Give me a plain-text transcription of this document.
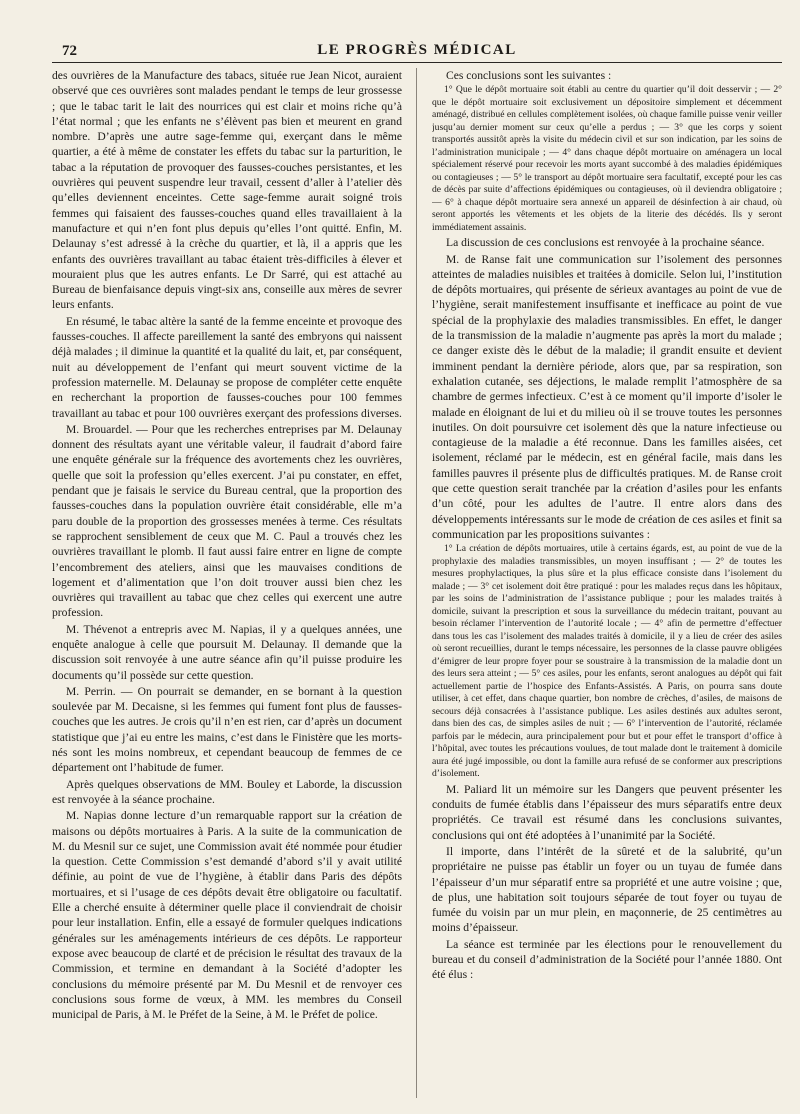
72	LE PROGRÈS MÉDICAL

des ouvrières de la Manufacture des tabacs, située rue Jean Nicot, auraient observé que ces ouvrières sont malades pendant le temps de leur grossesse ; que le tabac tarit le lait des nourrices qui est clair et moins riche qu’à l’état normal ; que les enfants ne s’élèvent pas bien et meurent en grand nombre. D’après une autre sage-femme qui, exerçant dans le même quartier, a été à même de constater les effets du tabac sur la parturition, le tabac a la réputation de provoquer des fausses-couches persistantes, et les ouvrières qui peuvent suspendre leur travail, cessent d’aller à l’atelier dès qu’elles deviennent enceintes. Cette sage-femme aurait soigné trois femmes qui faisaient des fausses-couches quand elles travaillaient à la manufacture et qui n’en font plus depuis qu’elles l’ont quitté. Enfin, M. Delaunay s’est adressé à la crèche du quartier, et là, il a appris que les enfants des ouvrières travaillant au tabac étaient très-difficiles à élever et mouraient plus que les autres enfants. Le Dr Sarré, qui est attaché au Bureau de bienfaisance depuis vingt-six ans, conseille aux mères de sevrer leurs enfants.

En résumé, le tabac altère la santé de la femme enceinte et provoque des fausses-couches. Il affecte pareillement la santé des embryons qui naissent déjà malades ; il diminue la quantité et la qualité du lait, et, par conséquent, nuit au développement de l’enfant qui meurt souvent victime de la profession maternelle. M. Delaunay se propose de compléter cette enquête en recherchant la proportion de fausses-couches pour 100 femmes travaillant au tabac et pour 100 ouvrières exerçant des professions diverses.

M. Brouardel. — Pour que les recherches entreprises par M. Delaunay donnent des résultats ayant une véritable valeur, il faudrait d’abord faire une enquête générale sur la fréquence des avortements chez les ouvrières, quelle que soit la profession qu’elles exercent. J’ai pu constater, en effet, pendant que je faisais le service du Bureau central, que la proportion des fausses-couches dans la population ouvrière était considérable, elle m’a paru double de la proportion des grossesses menées à terme. Ces résultats se rapprochent sensiblement de ceux que M. C. Paul a trouvés chez les ouvrières travaillant le plomb. Il faut aussi faire entrer en ligne de compte l’encombrement des ateliers, ainsi que les mauvaises conditions de logement et d’alimentation que l’on doit trouver aussi bien chez les ouvrières qui travaillent au tabac que chez celles qui exercent une autre profession.

M. Thévenot a entrepris avec M. Napias, il y a quelques années, une enquête analogue à celle que poursuit M. Delaunay. Il demande que la discussion soit renvoyée à une autre séance afin qu’il puisse produire les documents qu’il possède sur cette question.

M. Perrin. — On pourrait se demander, en se bornant à la question soulevée par M. Decaisne, si les femmes qui fument font plus de fausses-couches que les autres. Je crois qu’il n’en est rien, car d’après un document statistique que j’ai eu entre les mains, c’est dans le Finistère que les morts-nés sont les moins nombreux, et cependant beaucoup de femmes de ce département ont l’habitude de fumer.

Après quelques observations de MM. Bouley et Laborde, la discussion est renvoyée à la séance prochaine.

M. Napias donne lecture d’un remarquable rapport sur la création de maisons ou dépôts mortuaires à Paris. A la suite de la communication de M. du Mesnil sur ce sujet, une Commission avait été nommée pour étudier la question. Cette Commission s’est demandé d’abord s’il y avait utilité définie, au point de vue de l’hygiène, à établir dans Paris des dépôts mortuaires, et si l’usage de ces dépôts devait être obligatoire ou facultatif. Elle a cherché ensuite à déterminer quelle place il conviendrait de choisir pour leur installation. Enfin, elle a essayé de formuler quelques indications générales sur les aménagements intérieurs de ces dépôts. Le rapporteur expose avec beaucoup de clarté et de précision le résultat des travaux de la Commission, et termine en demandant à la Société d’adopter les conclusions du mémoire présenté par M. Du Mesnil et de renvoyer ces conclusions sous forme de vœux, à MM. les membres du Conseil municipal de Paris, à M. le Préfet de la Seine, à M. le Préfet de police.

Ces conclusions sont les suivantes :

1° Que le dépôt mortuaire soit établi au centre du quartier qu’il doit desservir ; — 2° que le dépôt mortuaire soit exclusivement un dépositoire simplement et décemment aménagé, distribué en cellules complètement isolées, où chaque famille puisse venir veiller jusqu’au dernier moment sur ceux qu’elle a perdus ; — 3° que les corps y soient transportés aussitôt après la visite du médecin civil et sur son indication, par les soins de l’administration municipale ; — 4° dans chaque dépôt mortuaire on aménagera un local spécialement réservé pour recevoir les morts ayant succombé à des maladies épidémiques ou contagieuses ; — 5° le transport au dépôt mortuaire sera facultatif, excepté pour les cas de décès par suite d’affections épidémiques ou contagieuses, où il deviendra obligatoire ; — 6° à chaque dépôt mortuaire sera annexé un appareil de désinfection à air chaud, où seront apportés les vêtements et les objets de la literie des décédés. Ils y seront immédiatement assainis.

La discussion de ces conclusions est renvoyée à la prochaine séance.

M. de Ranse fait une communication sur l’isolement des personnes atteintes de maladies nuisibles et traitées à domicile. Selon lui, l’institution de dépôts mortuaires, qui présente de sérieux avantages au point de vue de l’hygiène, serait manifestement insuffisante et inefficace au point de vue spécial de la prophylaxie des maladies transmissibles. En effet, le danger de la transmission de la maladie n’augmente pas après la mort du malade ; ce danger existe dès le début de la maladie; il grandit ensuite et devient imminent pendant la dernière période, alors que, par sa respiration, son exhalation cutanée, ses déjections, le malade remplit l’atmosphère de sa chambre de germes infectieux. C’est à ce moment qu’il importe d’isoler le malade en éloignant de lui et du milieu où il se trouve toutes les personnes inutiles. On doit poursuivre cet isolement dès que la nature infectieuse ou contagieuse de la maladie a été reconnue. Dans les familles aisées, cet isolement, réclamé par le médecin, est en général facile, mais dans les familles pauvres il présente plus de difficultés pratiques. M. de Ranse croit que cette question serait tranchée par la création d’asiles pour les enfants d’un côté, pour les adultes de l’autre. Il entre alors dans des développements intéressants sur le mode de création de ces asiles et finit sa communication par les propositions suivantes :

1° La création de dépôts mortuaires, utile à certains égards, est, au point de vue de la prophylaxie des maladies transmissibles, un moyen insuffisant ; — 2° de toutes les mesures prophylactiques, la plus sûre et la plus efficace consiste dans l’isolement du malade ; — 3° cet isolement doit être pratiqué : pour les malades reçus dans les hôpitaux, par les soins de l’administration de l’assistance publique ; pour les malades traités à domicile, suivant la prescription et sous la surveillance du médecin traitant, pouvant au besoin réclamer l’intervention de l’autorité locale ; — 4° afin de permettre d’effectuer dans tous les cas l’isolement des malades traités à domicile, il y a lieu de créer des asiles où seront recueillies, durant le temps nécessaire, les personnes de la classe pauvre obligées d’émigrer de leur propre foyer pour se soustraire à la transmission de la maladie dont un des leurs sera atteint ; — 5° ces asiles, pour les enfants, seront analogues au dépôt qui fait actuellement partie de l’hospice des Enfants-Assistés. A Paris, on pourra sans doute utiliser, à cet effet, dans chaque quartier, bon nombre de crèches, d’asiles, de maisons de secours déjà consacrées à l’assistance publique. Les asiles destinés aux adultes seront, dans bien des cas, de simples asiles de nuit ; — 6° l’intervention de l’autorité, réclamée parfois par le médecin, aura principalement pour but et pour effet le transport d’office à l’hôpital, avec toutes les précautions voulues, de tout malade dont le traitement à domicile aura été jugé impossible, ou dont la famille aura refusé de se conformer aux prescriptions d’isolement.

M. Paliard lit un mémoire sur les Dangers que peuvent présenter les conduits de fumée établis dans l’épaisseur des murs séparatifs entre deux propriétés. Ce travail est résumé dans les conclusions suivantes, conclusions qui ont été adoptées à l’unanimité par la Société.

Il importe, dans l’intérêt de la sûreté et de la salubrité, qu’un propriétaire ne puisse pas établir un foyer ou un tuyau de fumée dans l’épaisseur d’un mur séparatif entre sa propriété et une autre voisine ; que, de plus, une habitation soit toujours séparée de tout foyer ou tuyau de fumée du voisin par un mur plein, en maçonnerie, de 25 centimètres au moins d’épaisseur.

La séance est terminée par les élections pour le renouvellement du bureau et du conseil d’administration de la Société pour l’année 1880. Ont été élus :
